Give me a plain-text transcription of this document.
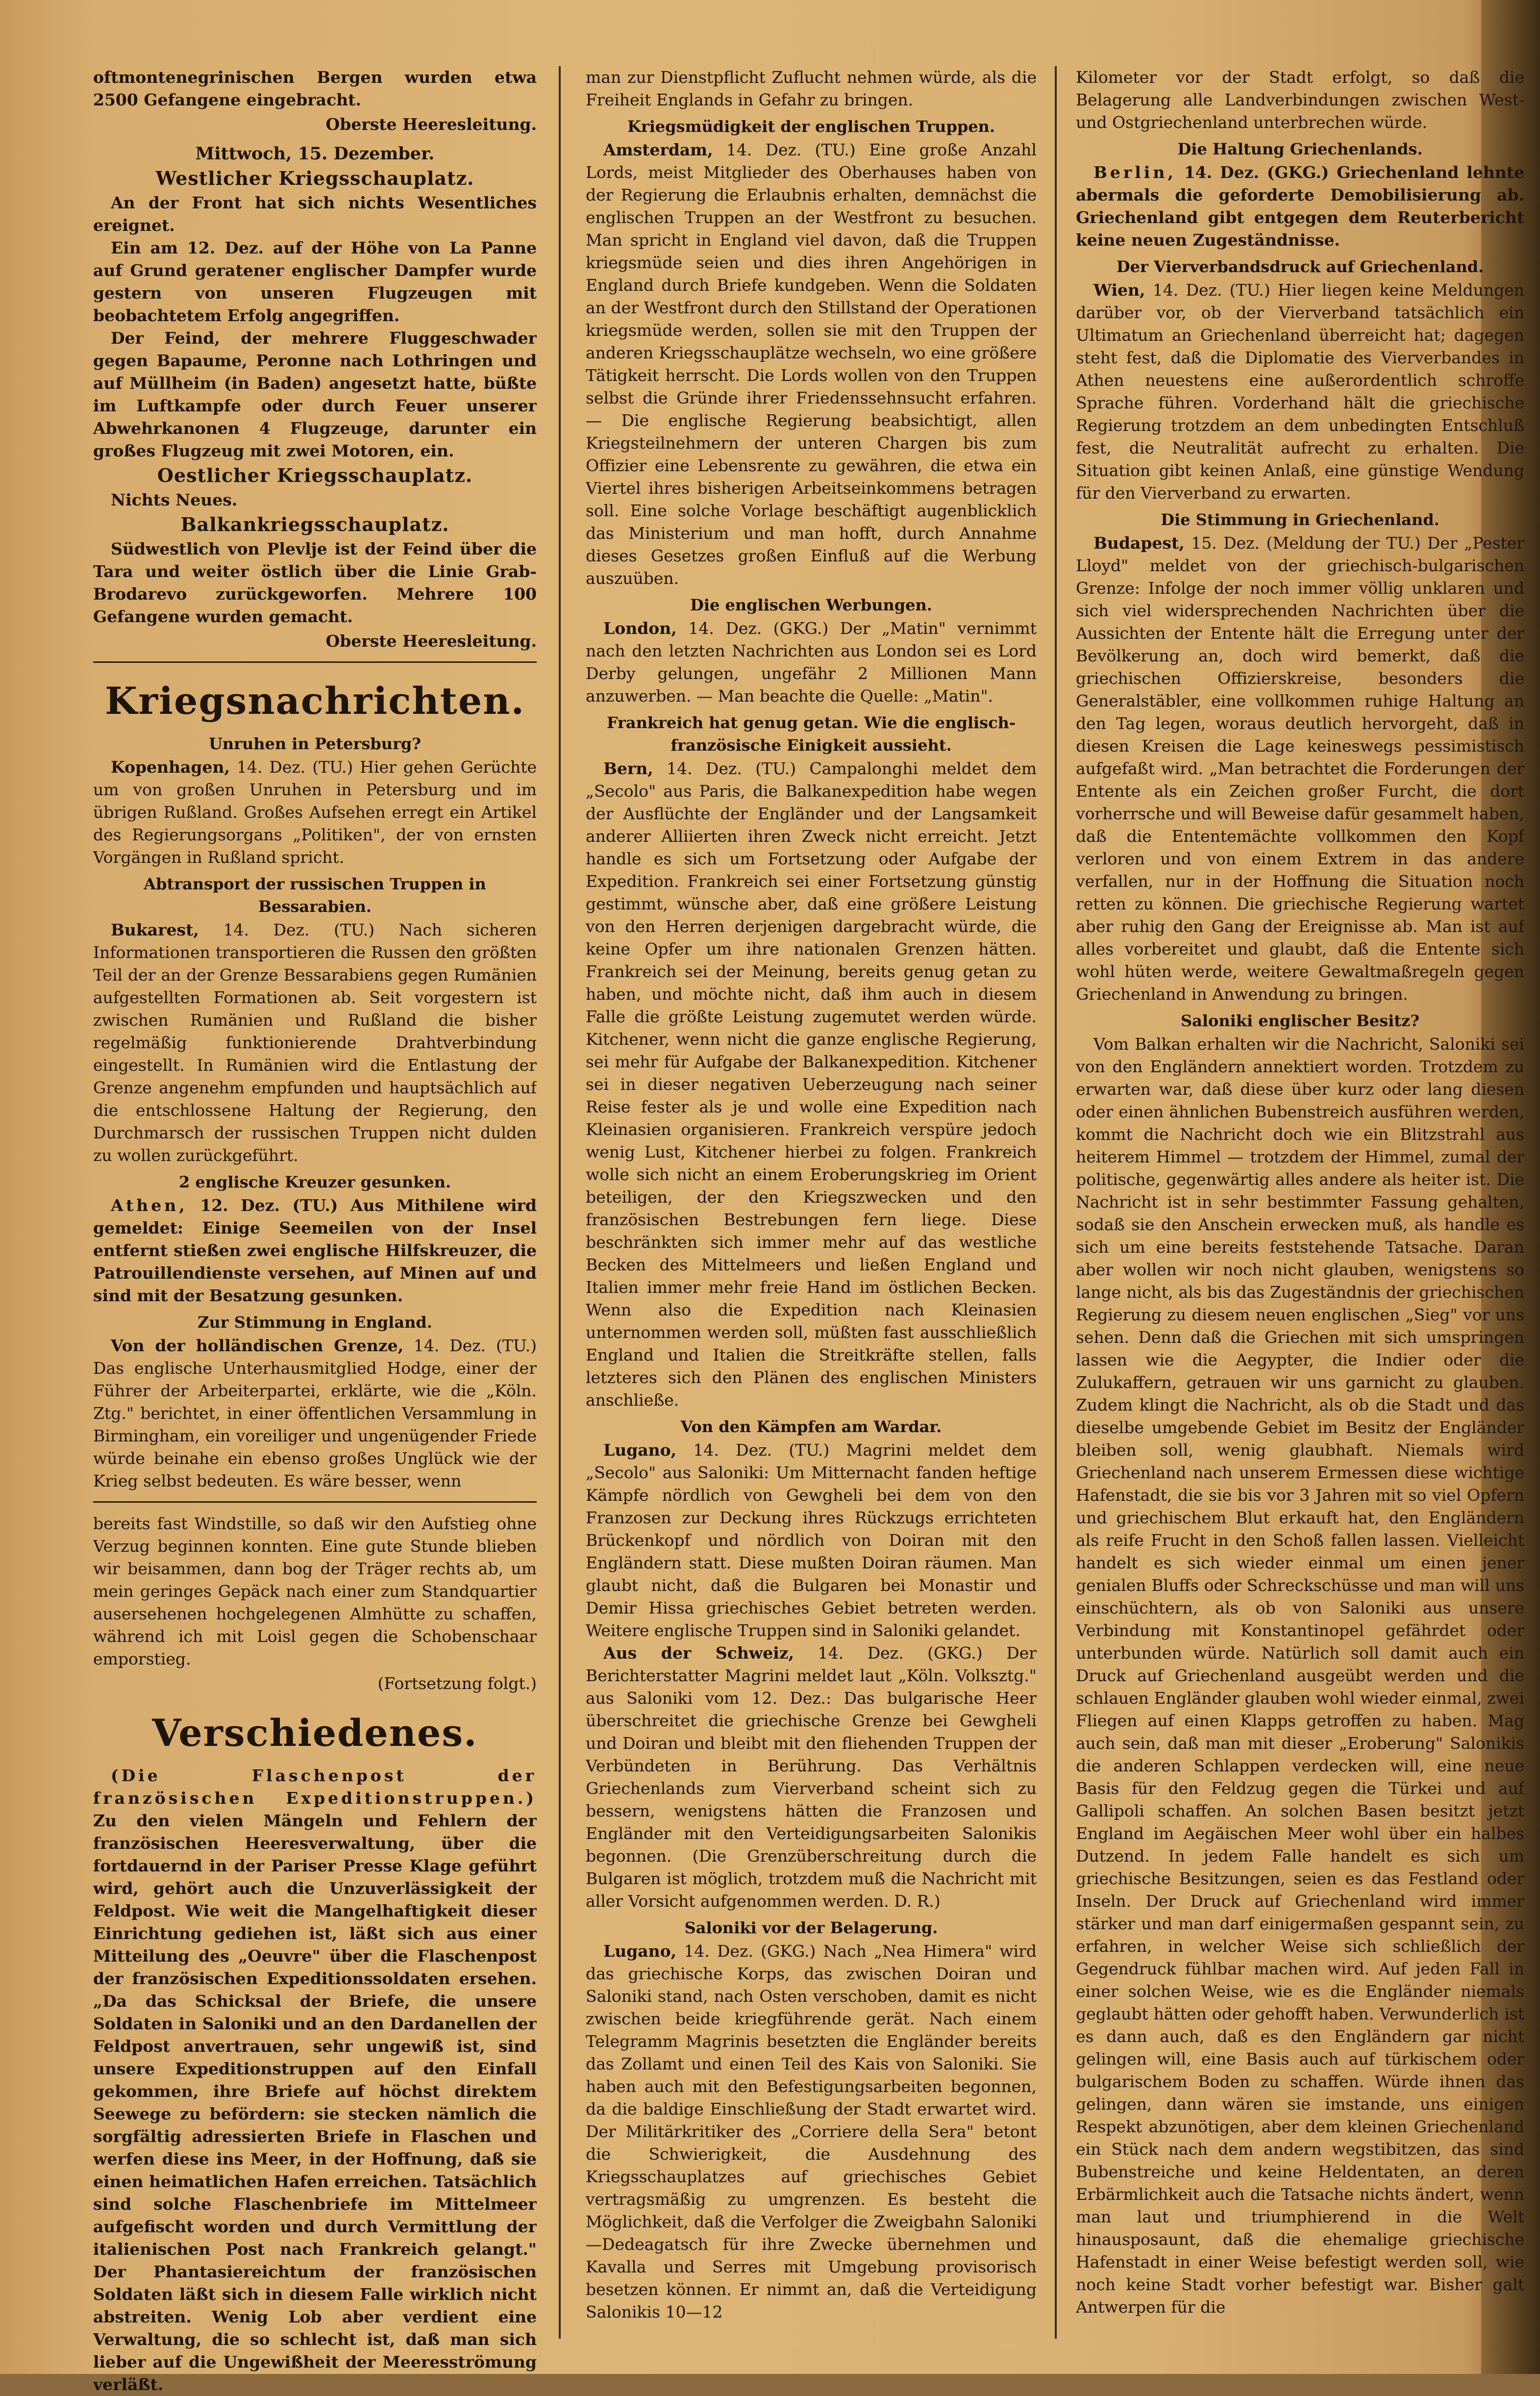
oftmontenegrinischen Bergen wurden etwa 2500 Gefangene eingebracht.

Oberste Heeresleitung.
Mittwoch, 15. Dezember.
Westlicher Kriegsschauplatz.

An der Front hat sich nichts Wesentliches ereignet.

Ein am 12. Dez. auf der Höhe von La Panne auf Grund geratener englischer Dampfer wurde gestern von unseren Flugzeugen mit beobachtetem Erfolg angegriffen.

Der Feind, der mehrere Fluggeschwader gegen Bapaume, Peronne nach Lothringen und auf Müllheim (in Baden) angesetzt hatte, büßte im Luftkampfe oder durch Feuer unserer Abwehrkanonen 4 Flugzeuge, darunter ein großes Flugzeug mit zwei Motoren, ein.

Oestlicher Kriegsschauplatz.

Nichts Neues.

Balkankriegsschauplatz.

Südwestlich von Plevlje ist der Feind über die Tara und weiter östlich über die Linie Grab-Brodarevo zurückgeworfen. Mehrere 100 Gefangene wurden gemacht.

Oberste Heeresleitung.
Kriegsnachrichten.
Unruhen in Petersburg?

Kopenhagen, 14. Dez. (TU.) Hier gehen Gerüchte um von großen Unruhen in Petersburg und im übrigen Rußland. Großes Aufsehen erregt ein Artikel des Regierungsorgans „Politiken", der von ernsten Vorgängen in Rußland spricht.

Abtransport der russischen Truppen in Bessarabien.

Bukarest, 14. Dez. (TU.) Nach sicheren Informationen transportieren die Russen den größten Teil der an der Grenze Bessarabiens gegen Rumänien aufgestellten Formationen ab. Seit vorgestern ist zwischen Rumänien und Rußland die bisher regelmäßig funktionierende Drahtverbindung eingestellt. In Rumänien wird die Entlastung der Grenze angenehm empfunden und hauptsächlich auf die entschlossene Haltung der Regierung, den Durchmarsch der russischen Truppen nicht dulden zu wollen zurückgeführt.

2 englische Kreuzer gesunken.

Athen, 12. Dez. (TU.) Aus Mithilene wird gemeldet: Einige Seemeilen von der Insel entfernt stießen zwei englische Hilfskreuzer, die Patrouillendienste versehen, auf Minen auf und sind mit der Besatzung gesunken.

Zur Stimmung in England.

Von der holländischen Grenze, 14. Dez. (TU.) Das englische Unterhausmitglied Hodge, einer der Führer der Arbeiterpartei, erklärte, wie die „Köln. Ztg." berichtet, in einer öffentlichen Versammlung in Birmingham, ein voreiliger und ungenügender Friede würde beinahe ein ebenso großes Unglück wie der Krieg selbst bedeuten. Es wäre besser, wenn

bereits fast Windstille, so daß wir den Aufstieg ohne Verzug beginnen konnten. Eine gute Stunde blieben wir beisammen, dann bog der Träger rechts ab, um mein geringes Gepäck nach einer zum Standquartier ausersehenen hochgelegenen Almhütte zu schaffen, während ich mit Loisl gegen die Schobenschaar emporstieg.

(Fortsetzung folgt.)
Verschiedenes.

(Die Flaschenpost der französischen Expeditionstruppen.) Zu den vielen Mängeln und Fehlern der französischen Heeresverwaltung, über die fortdauernd in der Pariser Presse Klage geführt wird, gehört auch die Unzuverlässigkeit der Feldpost. Wie weit die Mangelhaftigkeit dieser Einrichtung gediehen ist, läßt sich aus einer Mitteilung des „Oeuvre" über die Flaschenpost der französischen Expeditionssoldaten ersehen. „Da das Schicksal der Briefe, die unsere Soldaten in Saloniki und an den Dardanellen der Feldpost anvertrauen, sehr ungewiß ist, sind unsere Expeditionstruppen auf den Einfall gekommen, ihre Briefe auf höchst direktem Seewege zu befördern: sie stecken nämlich die sorgfältig adressierten Briefe in Flaschen und werfen diese ins Meer, in der Hoffnung, daß sie einen heimatlichen Hafen erreichen. Tatsächlich sind solche Flaschenbriefe im Mittelmeer aufgefischt worden und durch Vermittlung der italienischen Post nach Frankreich gelangt." Der Phantasiereichtum der französischen Soldaten läßt sich in diesem Falle wirklich nicht abstreiten. Wenig Lob aber verdient eine Verwaltung, die so schlecht ist, daß man sich lieber auf die Ungewißheit der Meeresströmung verläßt.

man zur Dienstpflicht Zuflucht nehmen würde, als die Freiheit Englands in Gefahr zu bringen.

Kriegsmüdigkeit der englischen Truppen.

Amsterdam, 14. Dez. (TU.) Eine große Anzahl Lords, meist Mitglieder des Oberhauses haben von der Regierung die Erlaubnis erhalten, demnächst die englischen Truppen an der Westfront zu besuchen. Man spricht in England viel davon, daß die Truppen kriegsmüde seien und dies ihren Angehörigen in England durch Briefe kundgeben. Wenn die Soldaten an der Westfront durch den Stillstand der Operationen kriegsmüde werden, sollen sie mit den Truppen der anderen Kriegsschauplätze wechseln, wo eine größere Tätigkeit herrscht. Die Lords wollen von den Truppen selbst die Gründe ihrer Friedenssehnsucht erfahren. — Die englische Regierung beabsichtigt, allen Kriegsteilnehmern der unteren Chargen bis zum Offizier eine Lebensrente zu gewähren, die etwa ein Viertel ihres bisherigen Arbeitseinkommens betragen soll. Eine solche Vorlage beschäftigt augenblicklich das Ministerium und man hofft, durch Annahme dieses Gesetzes großen Einfluß auf die Werbung auszuüben.

Die englischen Werbungen.

London, 14. Dez. (GKG.) Der „Matin" vernimmt nach den letzten Nachrichten aus London sei es Lord Derby gelungen, ungefähr 2 Millionen Mann anzuwerben. — Man beachte die Quelle: „Matin".

Frankreich hat genug getan. Wie die englisch-französische Einigkeit aussieht.

Bern, 14. Dez. (TU.) Campalonghi meldet dem „Secolo" aus Paris, die Balkanexpedition habe wegen der Ausflüchte der Engländer und der Langsamkeit anderer Alliierten ihren Zweck nicht erreicht. Jetzt handle es sich um Fortsetzung oder Aufgabe der Expedition. Frankreich sei einer Fortsetzung günstig gestimmt, wünsche aber, daß eine größere Leistung von den Herren derjenigen dargebracht würde, die keine Opfer um ihre nationalen Grenzen hätten. Frankreich sei der Meinung, bereits genug getan zu haben, und möchte nicht, daß ihm auch in diesem Falle die größte Leistung zugemutet werden würde. Kitchener, wenn nicht die ganze englische Regierung, sei mehr für Aufgabe der Balkanexpedition. Kitchener sei in dieser negativen Ueberzeugung nach seiner Reise fester als je und wolle eine Expedition nach Kleinasien organisieren. Frankreich verspüre jedoch wenig Lust, Kitchener hierbei zu folgen. Frankreich wolle sich nicht an einem Eroberungskrieg im Orient beteiligen, der den Kriegszwecken und den französischen Bestrebungen fern liege. Diese beschränkten sich immer mehr auf das westliche Becken des Mittelmeers und ließen England und Italien immer mehr freie Hand im östlichen Becken. Wenn also die Expedition nach Kleinasien unternommen werden soll, müßten fast ausschließlich England und Italien die Streitkräfte stellen, falls letzteres sich den Plänen des englischen Ministers anschließe.

Von den Kämpfen am Wardar.

Lugano, 14. Dez. (TU.) Magrini meldet dem „Secolo" aus Saloniki: Um Mitternacht fanden heftige Kämpfe nördlich von Gewgheli bei dem von den Franzosen zur Deckung ihres Rückzugs errichteten Brückenkopf und nördlich von Doiran mit den Engländern statt. Diese mußten Doiran räumen. Man glaubt nicht, daß die Bulgaren bei Monastir und Demir Hissa griechisches Gebiet betreten werden. Weitere englische Truppen sind in Saloniki gelandet.

Aus der Schweiz, 14. Dez. (GKG.) Der Berichterstatter Magrini meldet laut „Köln. Volksztg." aus Saloniki vom 12. Dez.: Das bulgarische Heer überschreitet die griechische Grenze bei Gewgheli und Doiran und bleibt mit den fliehenden Truppen der Verbündeten in Berührung. Das Verhältnis Griechenlands zum Vierverband scheint sich zu bessern, wenigstens hätten die Franzosen und Engländer mit den Verteidigungsarbeiten Salonikis begonnen. (Die Grenzüberschreitung durch die Bulgaren ist möglich, trotzdem muß die Nachricht mit aller Vorsicht aufgenommen werden. D. R.)

Saloniki vor der Belagerung.

Lugano, 14. Dez. (GKG.) Nach „Nea Himera" wird das griechische Korps, das zwischen Doiran und Saloniki stand, nach Osten verschoben, damit es nicht zwischen beide kriegführende gerät. Nach einem Telegramm Magrinis besetzten die Engländer bereits das Zollamt und einen Teil des Kais von Saloniki. Sie haben auch mit den Befestigungsarbeiten begonnen, da die baldige Einschließung der Stadt erwartet wird. Der Militärkritiker des „Corriere della Sera" betont die Schwierigkeit, die Ausdehnung des Kriegsschauplatzes auf griechisches Gebiet vertragsmäßig zu umgrenzen. Es besteht die Möglichkeit, daß die Verfolger die Zweigbahn Saloniki—Dedeagatsch für ihre Zwecke übernehmen und Kavalla und Serres mit Umgebung provisorisch besetzen können. Er nimmt an, daß die Verteidigung Salonikis 10—12

Kilometer vor der Stadt erfolgt, so daß die Belagerung alle Landverbindungen zwischen West- und Ostgriechenland unterbrechen würde.

Die Haltung Griechenlands.

Berlin, 14. Dez. (GKG.) Griechenland lehnte abermals die geforderte Demobilisierung ab. Griechenland gibt entgegen dem Reuterbericht keine neuen Zugeständnisse.

Der Vierverbandsdruck auf Griechenland.

Wien, 14. Dez. (TU.) Hier liegen keine Meldungen darüber vor, ob der Vierverband tatsächlich ein Ultimatum an Griechenland überreicht hat; dagegen steht fest, daß die Diplomatie des Vierverbandes in Athen neuestens eine außerordentlich schroffe Sprache führen. Vorderhand hält die griechische Regierung trotzdem an dem unbedingten Entschluß fest, die Neutralität aufrecht zu erhalten. Die Situation gibt keinen Anlaß, eine günstige Wendung für den Vierverband zu erwarten.

Die Stimmung in Griechenland.

Budapest, 15. Dez. (Meldung der TU.) Der „Pester Lloyd" meldet von der griechisch-bulgarischen Grenze: Infolge der noch immer völlig unklaren und sich viel widersprechenden Nachrichten über die Aussichten der Entente hält die Erregung unter der Bevölkerung an, doch wird bemerkt, daß die griechischen Offizierskreise, besonders die Generalstäbler, eine vollkommen ruhige Haltung an den Tag legen, woraus deutlich hervorgeht, daß in diesen Kreisen die Lage keineswegs pessimistisch aufgefaßt wird. „Man betrachtet die Forderungen der Entente als ein Zeichen großer Furcht, die dort vorherrsche und will Beweise dafür gesammelt haben, daß die Ententemächte vollkommen den Kopf verloren und von einem Extrem in das andere verfallen, nur in der Hoffnung die Situation noch retten zu können. Die griechische Regierung wartet aber ruhig den Gang der Ereignisse ab. Man ist auf alles vorbereitet und glaubt, daß die Entente sich wohl hüten werde, weitere Gewaltmaßregeln gegen Griechenland in Anwendung zu bringen.

Saloniki englischer Besitz?

Vom Balkan erhalten wir die Nachricht, Saloniki sei von den Engländern annektiert worden. Trotzdem zu erwarten war, daß diese über kurz oder lang diesen oder einen ähnlichen Bubenstreich ausführen werden, kommt die Nachricht doch wie ein Blitzstrahl aus heiterem Himmel — trotzdem der Himmel, zumal der politische, gegenwärtig alles andere als heiter ist. Die Nachricht ist in sehr bestimmter Fassung gehalten, sodaß sie den Anschein erwecken muß, als handle es sich um eine bereits feststehende Tatsache. Daran aber wollen wir noch nicht glauben, wenigstens so lange nicht, als bis das Zugeständnis der griechischen Regierung zu diesem neuen englischen „Sieg" vor uns sehen. Denn daß die Griechen mit sich umspringen lassen wie die Aegypter, die Indier oder die Zulukaffern, getrauen wir uns garnicht zu glauben. Zudem klingt die Nachricht, als ob die Stadt und das dieselbe umgebende Gebiet im Besitz der Engländer bleiben soll, wenig glaubhaft. Niemals wird Griechenland nach unserem Ermessen diese wichtige Hafenstadt, die sie bis vor 3 Jahren mit so viel Opfern und griechischem Blut erkauft hat, den Engländern als reife Frucht in den Schoß fallen lassen. Vielleicht handelt es sich wieder einmal um einen jener genialen Bluffs oder Schreckschüsse und man will uns einschüchtern, als ob von Saloniki aus unsere Verbindung mit Konstantinopel gefährdet oder unterbunden würde. Natürlich soll damit auch ein Druck auf Griechenland ausgeübt werden und die schlauen Engländer glauben wohl wieder einmal, zwei Fliegen auf einen Klapps getroffen zu haben. Mag auch sein, daß man mit dieser „Eroberung" Salonikis die anderen Schlappen verdecken will, eine neue Basis für den Feldzug gegen die Türkei und auf Gallipoli schaffen. An solchen Basen besitzt jetzt England im Aegäischen Meer wohl über ein halbes Dutzend. In jedem Falle handelt es sich um griechische Besitzungen, seien es das Festland oder Inseln. Der Druck auf Griechenland wird immer stärker und man darf einigermaßen gespannt sein, zu erfahren, in welcher Weise sich schließlich der Gegendruck fühlbar machen wird. Auf jeden Fall in einer solchen Weise, wie es die Engländer niemals geglaubt hätten oder gehofft haben. Verwunderlich ist es dann auch, daß es den Engländern gar nicht gelingen will, eine Basis auch auf türkischem oder bulgarischem Boden zu schaffen. Würde ihnen das gelingen, dann wären sie imstande, uns einigen Respekt abzunötigen, aber dem kleinen Griechenland ein Stück nach dem andern wegstibitzen, das sind Bubenstreiche und keine Heldentaten, an deren Erbärmlichkeit auch die Tatsache nichts ändert, wenn man laut und triumphierend in die Welt hinausposaunt, daß die ehemalige griechische Hafenstadt in einer Weise befestigt werden soll, wie noch keine Stadt vorher befestigt war. Bisher galt Antwerpen für die
